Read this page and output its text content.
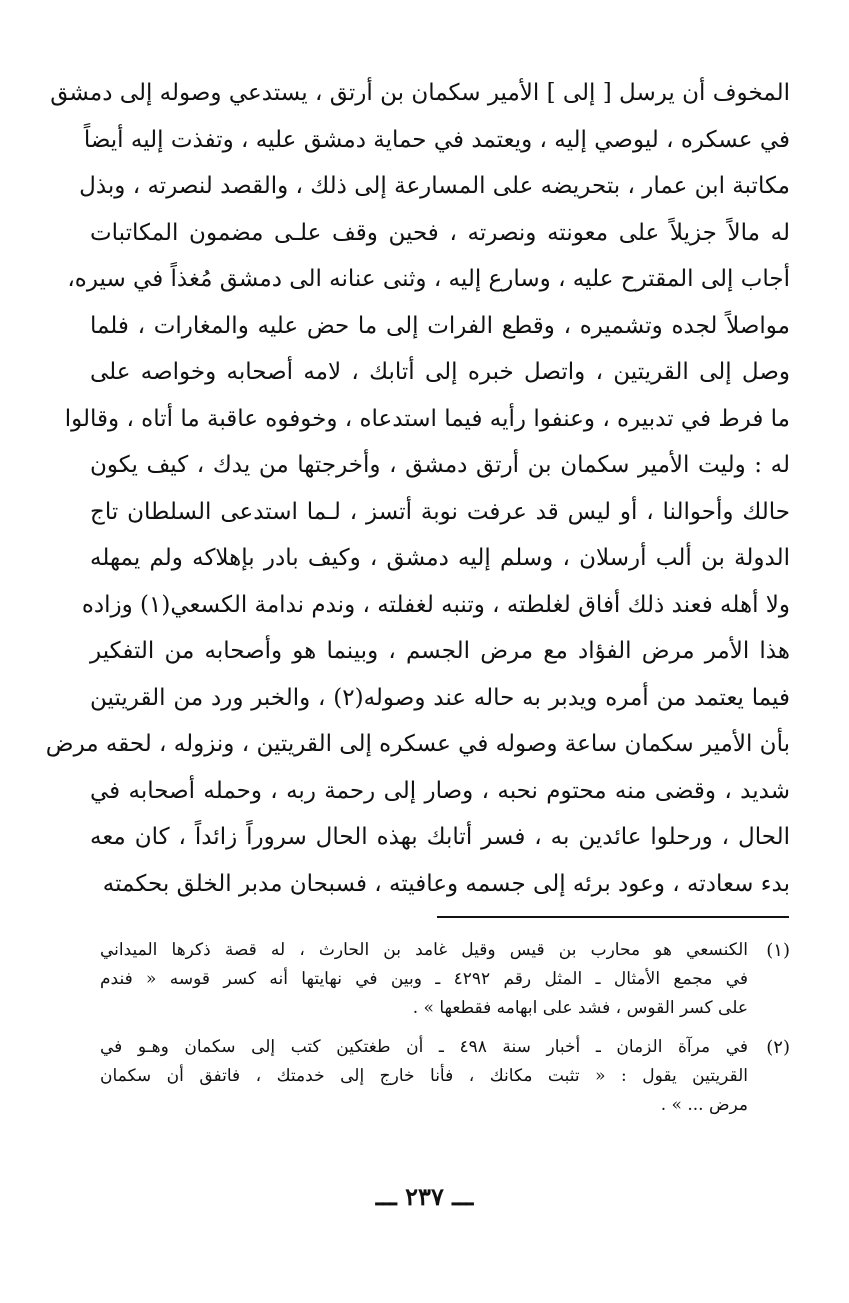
المخوف أن يرسل [ إلى ] الأمير سكمان بن أرتق ، يستدعي وصوله إلى دمشق
في عسكره ، ليوصي إليه ، ويعتمد في حماية دمشق عليه ، وتفذت إليه أيضاً
مكاتبة ابن عمار ، بتحريضه على المسارعة إلى ذلك ، والقصد لنصرته ، وبذل
له مالاً جزيلاً على معونته ونصرته ، فحين وقف علـى مضمون المكاتبات
أجاب إلى المقترح عليه ، وسارع إليه ، وثنى عنانه الى دمشق مُغذاً في سيره،
مواصلاً لجده وتشميره ، وقطع الفرات إلى ما حض عليه والمغارات ، فلما
وصل إلى القريتين ، واتصل خبره إلى أتابك ، لامه أصحابه وخواصه على
ما فرط في تدبيره ، وعنفوا رأيه فيما استدعاه ، وخوفوه عاقبة ما أتاه ، وقالوا
له : وليت الأمير سكمان بن أرتق دمشق ، وأخرجتها من يدك ، كيف يكون
حالك وأحوالنا ، أو ليس قد عرفت نوبة أتسز ، لـما استدعى السلطان تاج
الدولة بن ألب أرسلان ، وسلم إليه دمشق ، وكيف بادر بإهلاكه ولم يمهله
ولا أهله فعند ذلك أفاق لغلطته ، وتنبه لغفلته ، وندم ندامة الكسعي(١) وزاده
هذا الأمر مرض الفؤاد مع مرض الجسم ، وبينما هو وأصحابه من التفكير
فيما يعتمد من أمره ويدبر به حاله عند وصوله(٢) ، والخبر ورد من القريتين
بأن الأمير سكمان ساعة وصوله في عسكره إلى القريتين ، ونزوله ، لحقه مرض
شديد ، وقضى منه محتوم نحبه ، وصار إلى رحمة ربه ، وحمله أصحابه في
الحال ، ورحلوا عائدين به ، فسر أتابك بهذه الحال سروراً زائداً ، كان معه
بدء سعادته ، وعود برئه إلى جسمه وعافيته ، فسبحان مدبر الخلق بحكمته
(١)
الكنسعي هو محارب بن قيس وقيل غامد بن الحارث ، له قصة ذكرها الميداني
في مجمع الأمثال ـ المثل رقم ٤٢٩٢ ـ وبين في نهايتها أنه كسر قوسه « فندم
على كسر القوس ، فشد على ابهامه فقطعها » .
(٢)
في مرآة الزمان ـ أخبار سنة ٤٩٨ ـ أن طغتكين كتب إلى سكمان وهـو في
القريتين يقول : « تثبت مكانك ، فأنا خارج إلى خدمتك ، فاتفق أن سكمان
مرض ... » .
ـــ ٢٣٧ ـــ
